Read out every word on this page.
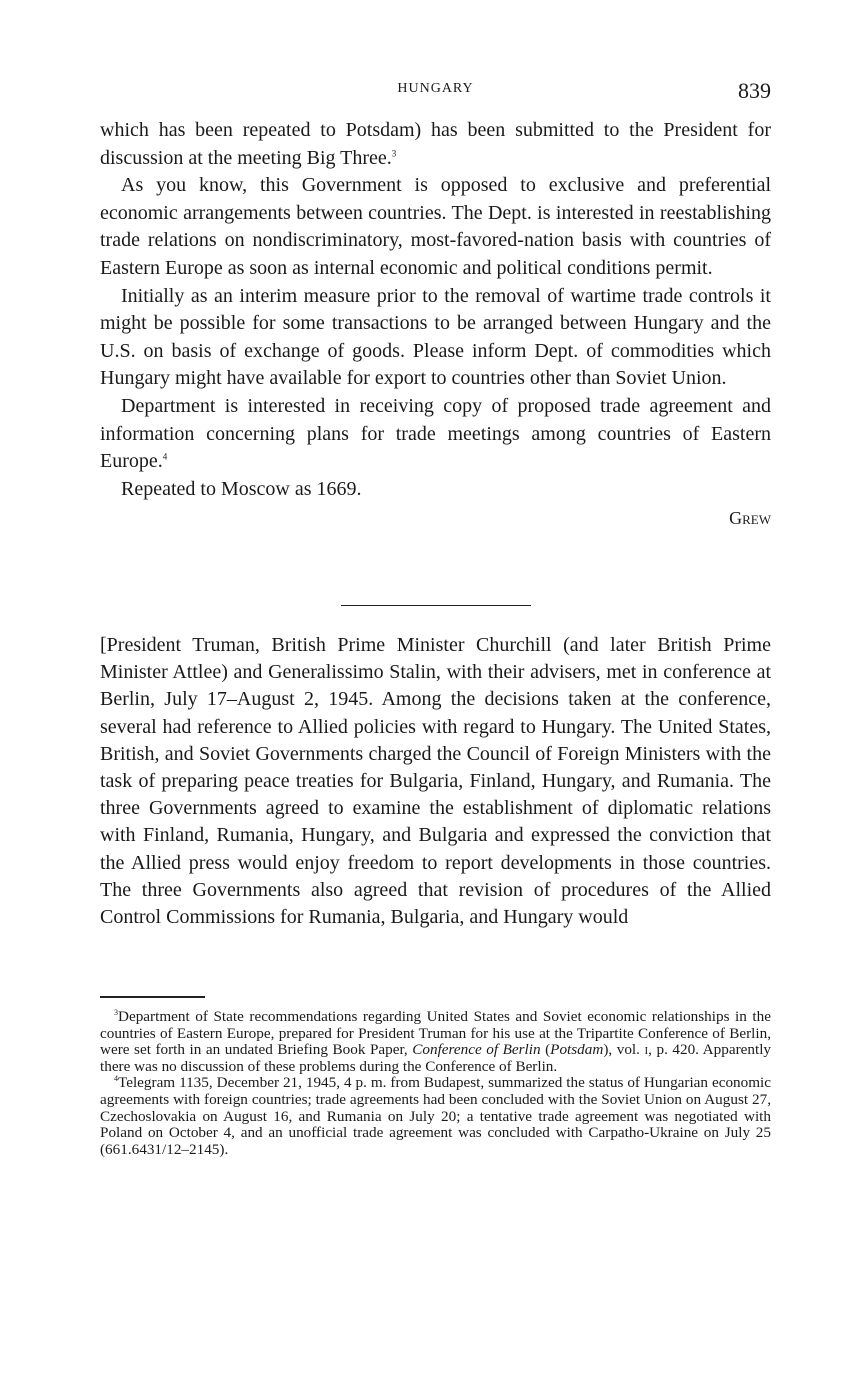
HUNGARY	839

which has been repeated to Potsdam) has been submitted to the President for discussion at the meeting Big Three.$^3$

As you know, this Government is opposed to exclusive and preferential economic arrangements between countries. The Dept. is interested in reestablishing trade relations on nondiscriminatory, most-favored-nation basis with countries of Eastern Europe as soon as internal economic and political conditions permit.

Initially as an interim measure prior to the removal of wartime trade controls it might be possible for some transactions to be arranged between Hungary and the U.S. on basis of exchange of goods. Please inform Dept. of commodities which Hungary might have available for export to countries other than Soviet Union.

Department is interested in receiving copy of proposed trade agreement and information concerning plans for trade meetings among countries of Eastern Europe.$^4$

Repeated to Moscow as 1669.

Grew

[President Truman, British Prime Minister Churchill (and later British Prime Minister Attlee) and Generalissimo Stalin, with their advisers, met in conference at Berlin, July 17–August 2, 1945. Among the decisions taken at the conference, several had reference to Allied policies with regard to Hungary. The United States, British, and Soviet Governments charged the Council of Foreign Ministers with the task of preparing peace treaties for Bulgaria, Finland, Hungary, and Rumania. The three Governments agreed to examine the establishment of diplomatic relations with Finland, Rumania, Hungary, and Bulgaria and expressed the conviction that the Allied press would enjoy freedom to report developments in those countries. The three Governments also agreed that revision of procedures of the Allied Control Commissions for Rumania, Bulgaria, and Hungary would

$^3$Department of State recommendations regarding United States and Soviet economic relationships in the countries of Eastern Europe, prepared for President Truman for his use at the Tripartite Conference of Berlin, were set forth in an undated Briefing Book Paper, Conference of Berlin (Potsdam), vol. i, p. 420. Apparently there was no discussion of these problems during the Conference of Berlin.

$^4$Telegram 1135, December 21, 1945, 4 p. m. from Budapest, summarized the status of Hungarian economic agreements with foreign countries; trade agreements had been concluded with the Soviet Union on August 27, Czechoslovakia on August 16, and Rumania on July 20; a tentative trade agreement was negotiated with Poland on October 4, and an unofficial trade agreement was concluded with Carpatho-Ukraine on July 25 (661.6431/12–2145).
